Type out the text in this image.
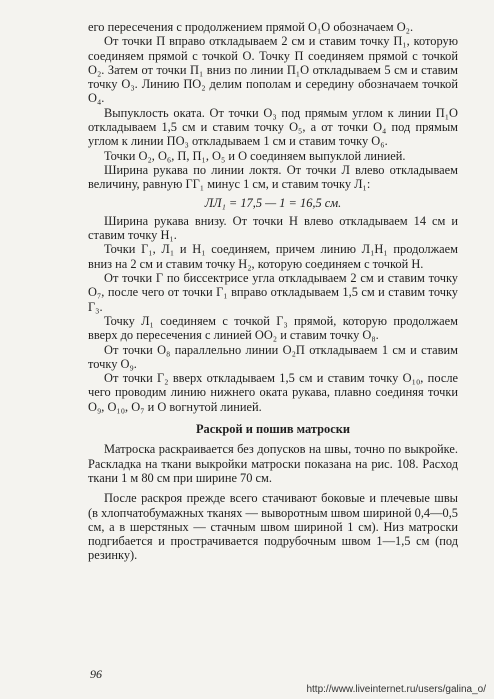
его пересечения с продолжением прямой O₁O обозначаем O₂.

От точки П вправо откладываем 2 см и ставим точку П₁, которую соединяем прямой с точкой O. Точку П соединяем прямой с точкой O₂. Затем от точки П₁ вниз по линии П₁O откладываем 5 см и ставим точку O₃. Линию ПO₂ делим пополам и середину обозначаем точкой O₄.

Выпуклость оката. От точки O₃ под прямым углом к линии П₁O откладываем 1,5 см и ставим точку O₅, а от точки O₄ под прямым углом к линии ПO₃ откладываем 1 см и ставим точку O₆.

Точки O₂, O₆, П, П₁, O₅ и O соединяем выпуклой линией.

Ширина рукава по линии локтя. От точки Л влево откладываем величину, равную ГГ₁ минус 1 см, и ставим точку Л₁:

ЛЛ₁ = 17,5 — 1 = 16,5 см.

Ширина рукава внизу. От точки Н влево откладываем 14 см и ставим точку Н₁.

Точки Г₁, Л₁ и Н₁ соединяем, причем линию Л₁Н₁ продолжаем вниз на 2 см и ставим точку Н₂, которую соединяем с точкой Н.

От точки Г по биссектрисе угла откладываем 2 см и ставим точку O₇, после чего от точки Г₁ вправо откладываем 1,5 см и ставим точку Г₃.

Точку Л₁ соединяем с точкой Г₃ прямой, которую продолжаем вверх до пересечения с линией OO₂ и ставим точку O₈.

От точки O₈ параллельно линии O₂П откладываем 1 см и ставим точку O₉.

От точки Г₂ вверх откладываем 1,5 см и ставим точку O₁₀, после чего проводим линию нижнего оката рукава, плавно соединяя точки O₉, O₁₀, O₇ и O вогнутой линией.

Раскрой и пошив матроски

Матроска раскраивается без допусков на швы, точно по выкройке. Раскладка на ткани выкройки матроски показана на рис. 108. Расход ткани 1 м 80 см при ширине 70 см.

После раскроя прежде всего стачивают боковые и плечевые швы (в хлопчатобумажных тканях — выворотным швом шириной 0,4—0,5 см, а в шерстяных — стачным швом шириной 1 см). Низ матроски подгибается и прострачивается подрубочным швом 1—1,5 см (под резинку).

96
http://www.liveinternet.ru/users/galina_o/
